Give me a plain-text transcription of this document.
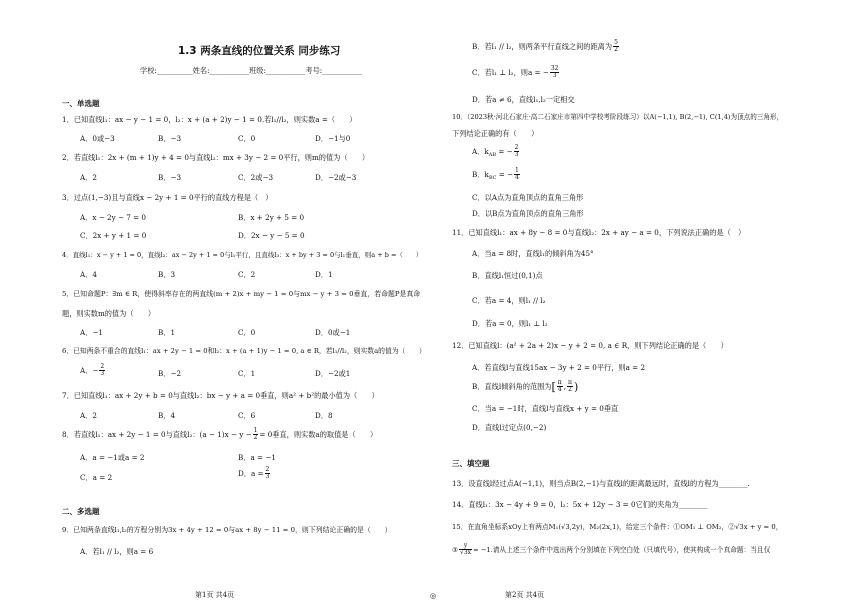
1.3 两条直线的位置关系 同步练习
学校:__________姓名:___________班级:___________考号:___________
一、单选题
1．已知直线l₁：ax − y − 1 = 0，l₂：x + (a + 2)y − 1 = 0.若l₁//l₂，则实数a =（　　）
A．0或−3	B．−3	C．0	D．−1与0
2．若直线l₁：2x + (m + 1)y + 4 = 0与直线l₂：mx + 3y − 2 = 0平行，则m的值为（　　）
A．2	B．−3	C．2或−3	D．−2或−3
3．过点(1,−3)且与直线x − 2y + 1 = 0平行的直线方程是（　）
A．x − 2y − 7 = 0	B．x + 2y + 5 = 0
C．2x + y + 1 = 0	D．2x − y − 5 = 0
4．直线l₁：x − y + 1 = 0，直线l₂：ax − 2y + 1 = 0与l₁平行，且直线l₃：x + by + 3 = 0与l₁垂直，则a + b =（　　）
A．4	B．3	C．2	D．1
5．已知命题P：∃m ∈ R，使得斜率存在的两直线(m + 2)x + my − 1 = 0与mx − y + 3 = 0垂直，若命题P是真命
题，则实数m的值为（　　）
A．−1	B．1	C．0	D．0或−1
6．已知两条不重合的直线l₁：ax + 2y − 1 = 0和l₂：x + (a + 1)y − 1 = 0, a ∈ R，若l₁//l₂，则实数a的值为（　　）
A．− $\frac{2}{3}$	B．−2	C．1	D．−2或1
7．已知直线l₁：ax + 2y + b = 0与直线l₂：bx − y + a = 0垂直，则a² + b²的最小值为（　　）
A．2	B．4	C．6	D．8
8．若直线l₁：ax + 2y − 1 = 0与直线l₂：$(a - 1)x - y - \frac{1}{2} = 0$垂直，则实数a的取值是（　　）
A．a = −1或a = 2	B．a = −1
C．a = 2	D．$a = \frac{2}{3}$
二、多选题
9．已知两条直线l₁,l₂的方程分别为3x + 4y + 12 = 0与ax + 8y − 11 = 0，则下列结论正确的是（　　）
A．若l₁ // l₂，则a = 6
第1页 共4页	◎
B．若l₁ // l₂，则两条平行直线之间的距离为 $\frac{5}{2}$
C．若l₁ ⊥ l₂，则a = − $\frac{32}{3}$
D．若a ≠ 6，直线l₁,l₂一定相交
10．（2023秋·河北石家庄·高二石家庄市第四中学校考阶段练习）以A(−1,1), B(2,−1), C(1,4)为顶点的三角形，
下列结论正确的有（　　）
A．$k_{AB}$ = − $\frac{2}{3}$
B．$k_{BC}$ = − $\frac{1}{4}$
C．以A点为直角顶点的直角三角形
D．以B点为直角顶点的直角三角形
11．已知直线l₁：ax + 8y − 8 = 0与直线l₂：2x + ay − a = 0，下列说法正确的是（　）
A．当a = 8时，直线l₁的倾斜角为45°
B．直线l₁恒过(0,1)点
C．若a = 4，则l₁ // l₂
D．若a = 0，则l₁ ⊥ l₂
12．已知直线l：(a² + 2a + 2)x − y + 2 = 0, a ∈ R，则下列结论正确的是（　　）
A．若直线l与直线15ax − 3y + 2 = 0平行，则a = 2
B．直线l倾斜角的范围为[ $\frac{\pi}{4}$ , $\frac{\pi}{2}$ )
C．当a = −1时，直线l与直线x + y = 0垂直
D．直线l过定点(0,−2)
三、填空题
13．设直线l经过点A(−1,1)，则当点B(2,−1)与直线l的距离最远时，直线l的方程为________.
14．直线l₁：3x − 4y + 9 = 0，l₂：5x + 12y − 3 = 0它们的夹角为________
15．在直角坐标系xOy上有两点M₁(√3,2y)，M₂(2x,1)，给定三个条件：①OM₁ ⊥ OM₂，②√3x + y = 0，
③ $\frac{y}{√3x} = -1$.请从上述三个条件中选出两个分别填在下列空白处（只填代号），使其构成一个真命题：当且仅
第2页 共4页
